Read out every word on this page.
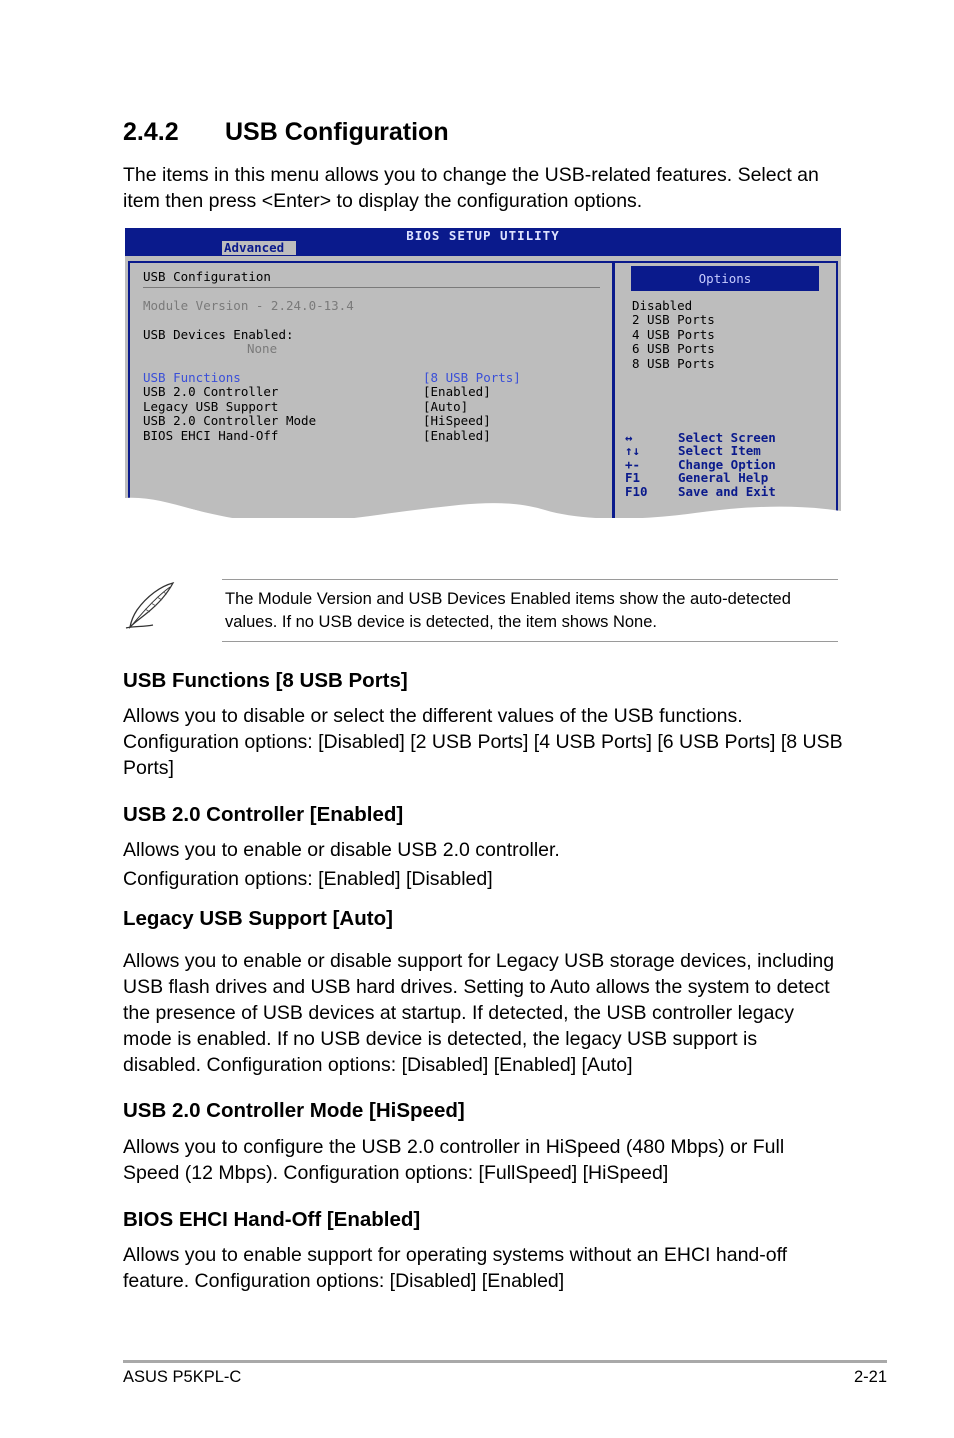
2.4.2 USB Configuration

The items in this menu allows you to change the USB-related features. Select an item then press <Enter> to display the configuration options.

BIOS SETUP UTILITY
Advanced
USB Configuration
Module Version - 2.24.0-13.4
USB Devices Enabled:
None
USB Functions	[8 USB Ports]
USB 2.0 Controller	[Enabled]
Legacy USB Support	[Auto]
USB 2.0 Controller Mode	[HiSpeed]
BIOS EHCI Hand-Off	[Enabled]
Options
Disabled
2 USB Ports
4 USB Ports
6 USB Ports
8 USB Ports
↔	Select Screen
↑↓	Select Item
+-	Change Option
F1	General Help
F10 Save and Exit

The Module Version and USB Devices Enabled items show the auto-detected values. If no USB device is detected, the item shows None.

USB Functions [8 USB Ports]

Allows you to disable or select the different values of the USB functions. Configuration options: [Disabled] [2 USB Ports] [4 USB Ports] [6 USB Ports] [8 USB Ports]

USB 2.0 Controller [Enabled]

Allows you to enable or disable USB 2.0 controller.

Configuration options: [Enabled] [Disabled]

Legacy USB Support [Auto]

Allows you to enable or disable support for Legacy USB storage devices, including USB flash drives and USB hard drives. Setting to Auto allows the system to detect the presence of USB devices at startup. If detected, the USB controller legacy mode is enabled. If no USB device is detected, the legacy USB support is disabled. Configuration options: [Disabled] [Enabled] [Auto]

USB 2.0 Controller Mode [HiSpeed]

Allows you to configure the USB 2.0 controller in HiSpeed (480 Mbps) or Full Speed (12 Mbps). Configuration options: [FullSpeed] [HiSpeed]

BIOS EHCI Hand-Off [Enabled]

Allows you to enable support for operating systems without an EHCI hand-off feature. Configuration options: [Disabled] [Enabled]

ASUS P5KPL-C	2-21
